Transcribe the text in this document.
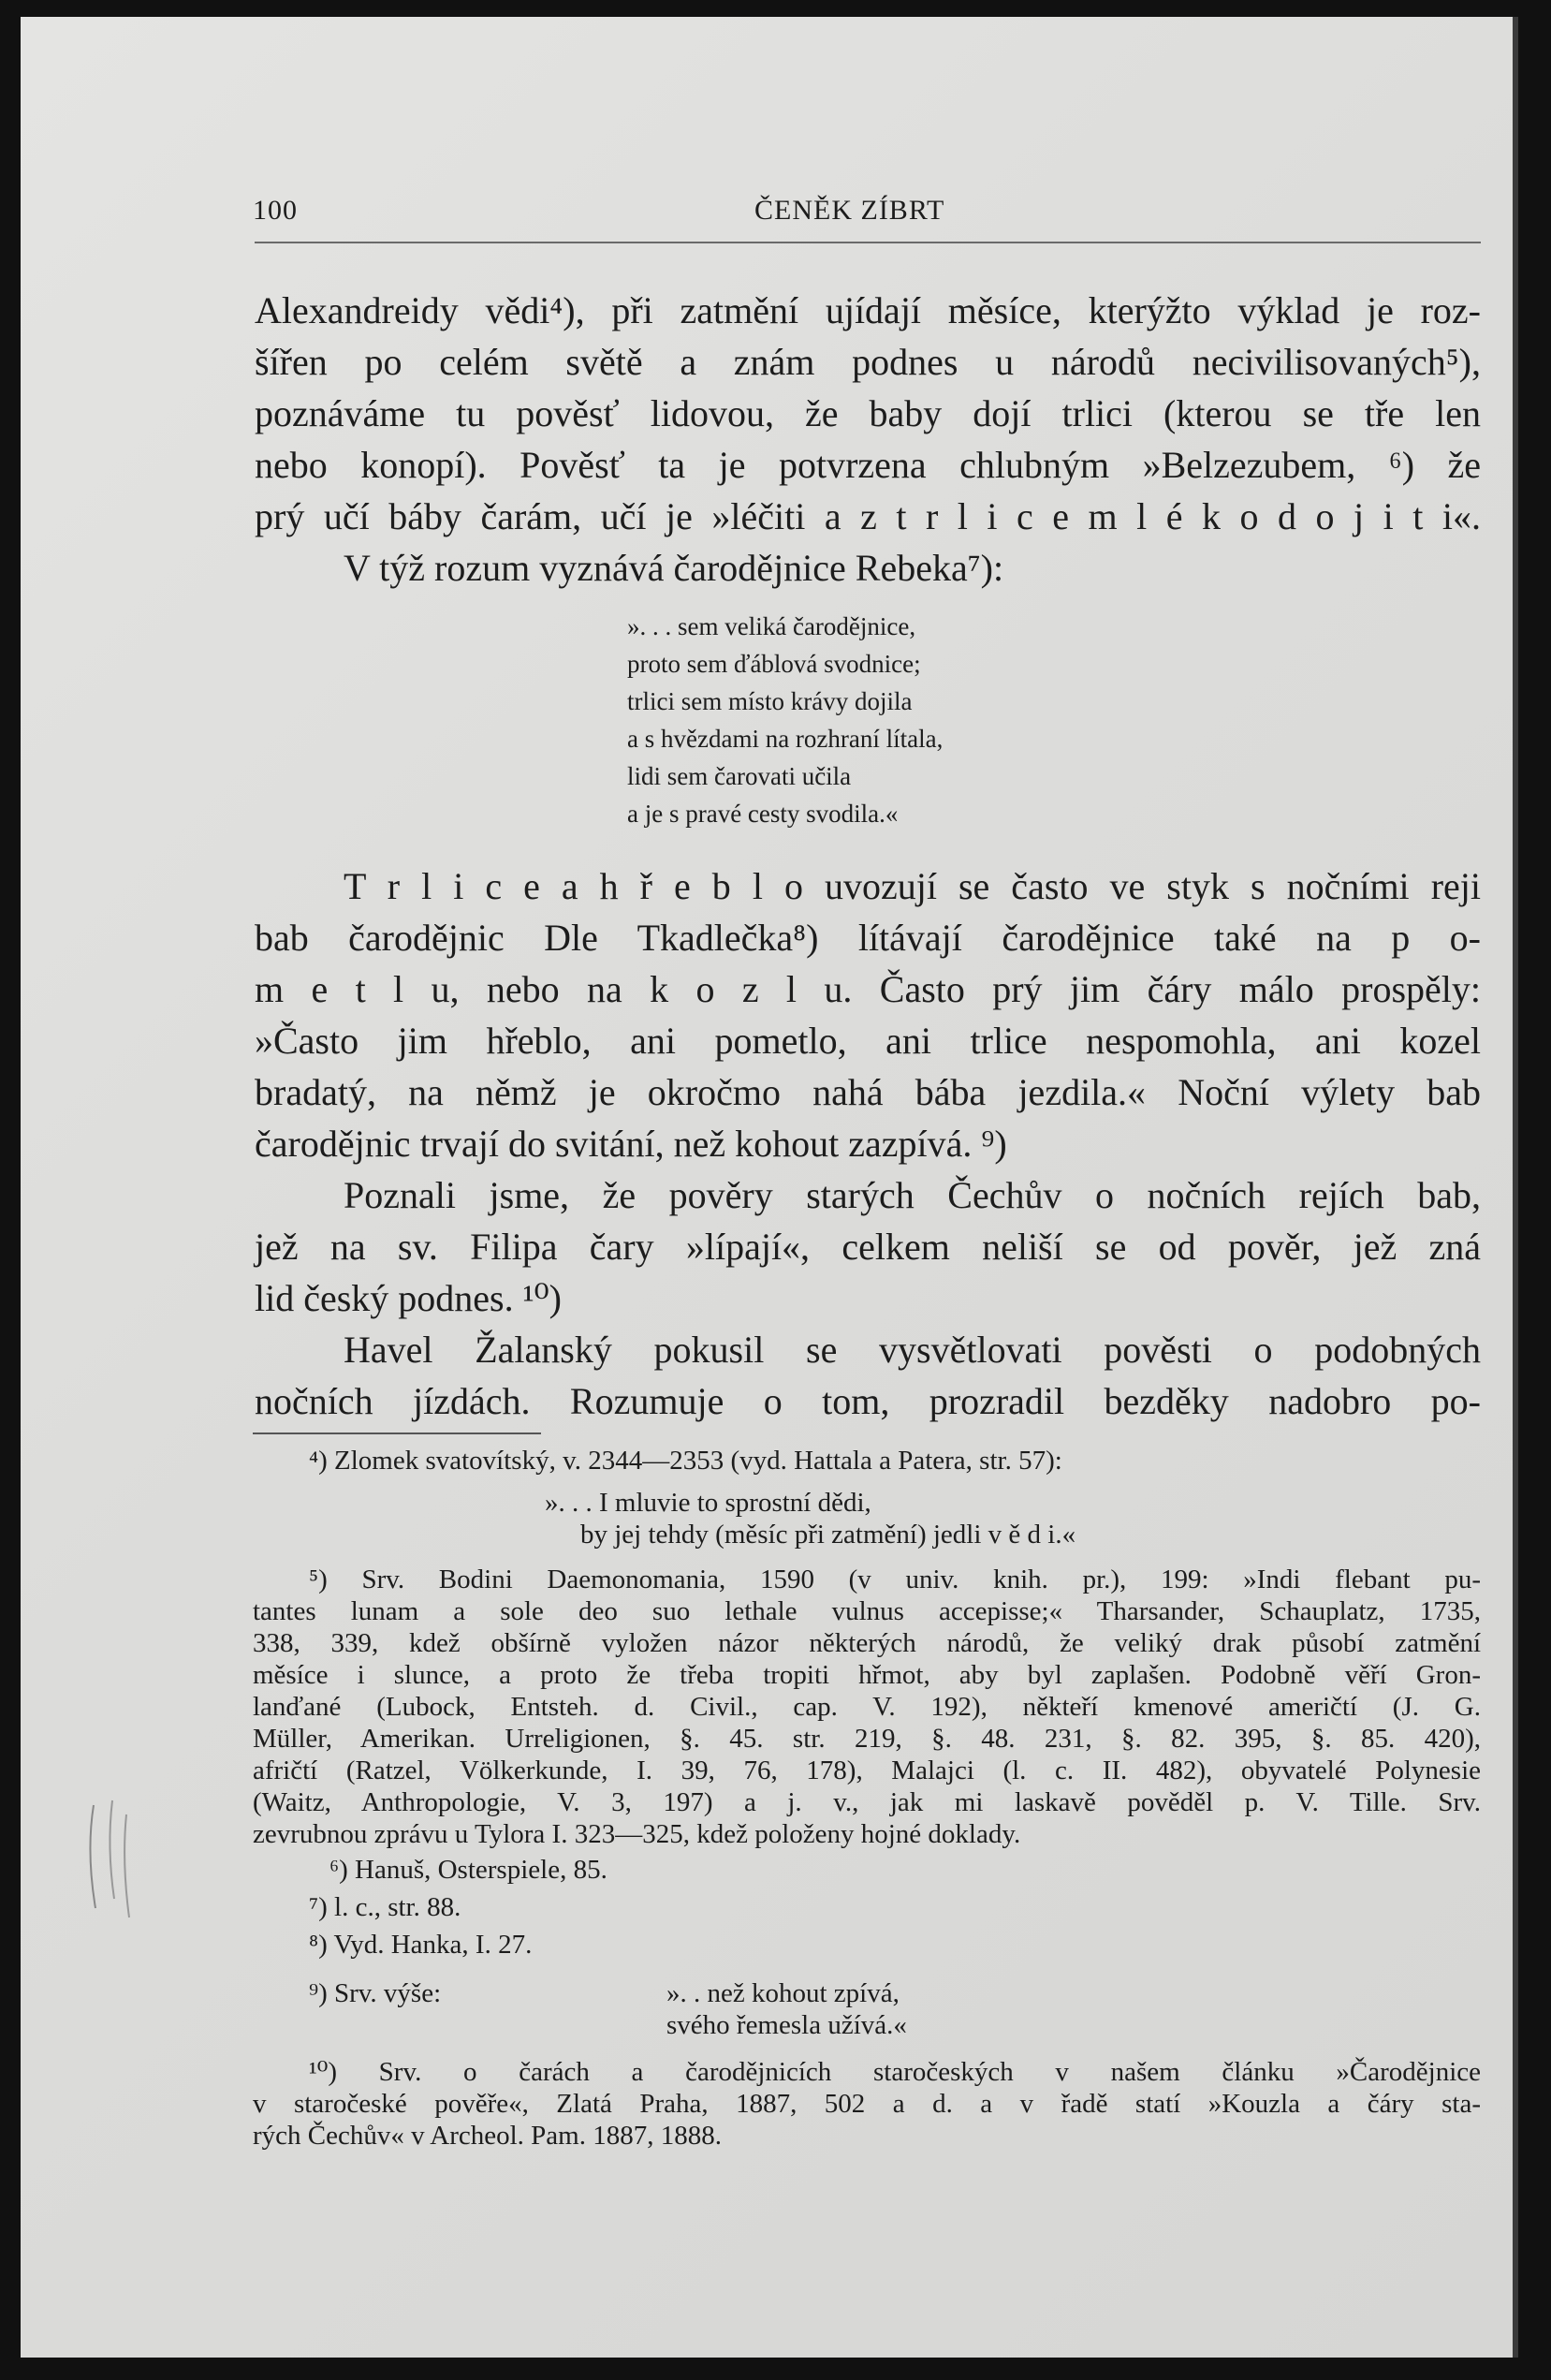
100	ČENĚK ZÍBRT
Alexandreidy vědi⁴), při zatmění ujídají měsíce, kterýžto výklad je roz-
šířen po celém světě a znám podnes u národů necivilisovaných⁵),
poznáváme tu pověsť lidovou, že baby dojí trlici (kterou se tře len
nebo konopí). Pověsť ta je potvrzena chlubným »Belzezubem, ⁶) že
prý učí báby čarám, učí je »léčiti a z t r l i c e m l é k o d o j i t i«.
V týž rozum vyznává čarodějnice Rebeka⁷):
». . . sem veliká čarodějnice,
proto sem ďáblová svodnice;
trlici sem místo krávy dojila
a s hvězdami na rozhraní lítala,
lidi sem čarovati učila
a je s pravé cesty svodila.«
T r l i c e a h ř e b l o uvozují se často ve styk s nočními reji
bab čarodějnic Dle Tkadlečka⁸) lítávají čarodějnice také na p o-
m e t l u, nebo na k o z l u. Často prý jim čáry málo prospěly:
»Často jim hřeblo, ani pometlo, ani trlice nespomohla, ani kozel
bradatý, na němž je okročmo nahá bába jezdila.« Noční výlety bab
čarodějnic trvají do svitání, než kohout zazpívá. ⁹)
Poznali jsme, že pověry starých Čechův o nočních rejích bab,
jež na sv. Filipa čary »lípají«, celkem neliší se od pověr, jež zná
lid český podnes. ¹⁰)
Havel Žalanský pokusil se vysvětlovati pověsti o podobných
nočních jízdách. Rozumuje o tom, prozradil bezděky nadobro po-
⁴) Zlomek svatovítský, v. 2344—2353 (vyd. Hattala a Patera, str. 57):
». . . I mluvie to sprostní dědi,
by jej tehdy (měsíc při zatmění) jedli v ě d i.«
⁵) Srv. Bodini Daemonomania, 1590 (v univ. knih. pr.), 199: »Indi flebant pu-
tantes lunam a sole deo suo lethale vulnus accepisse;« Tharsander, Schauplatz, 1735,
338, 339, kdež obšírně vyložen názor některých národů, že veliký drak působí zatmění
měsíce i slunce, a proto že třeba tropiti hřmot, aby byl zaplašen. Podobně věří Gron-
lanďané (Lubock, Entsteh. d. Civil., cap. V. 192), někteří kmenové američtí (J. G.
Müller, Amerikan. Urreligionen, §. 45. str. 219, §. 48. 231, §. 82. 395, §. 85. 420),
afričtí (Ratzel, Völkerkunde, I. 39, 76, 178), Malajci (l. c. II. 482), obyvatelé Polynesie
(Waitz, Anthropologie, V. 3, 197) a j. v., jak mi laskavě pověděl p. V. Tille. Srv.
zevrubnou zprávu u Tylora I. 323—325, kdež položeny hojné doklady.
⁶) Hanuš, Osterspiele, 85.
⁷) l. c., str. 88.
⁸) Vyd. Hanka, I. 27.
⁹) Srv. výše:	». . než kohout zpívá,
svého řemesla užívá.«
¹⁰) Srv. o čarách a čarodějnicích staročeských v našem článku »Čarodějnice
v staročeské pověře«, Zlatá Praha, 1887, 502 a d. a v řadě statí »Kouzla a čáry sta-
rých Čechův« v Archeol. Pam. 1887, 1888.
